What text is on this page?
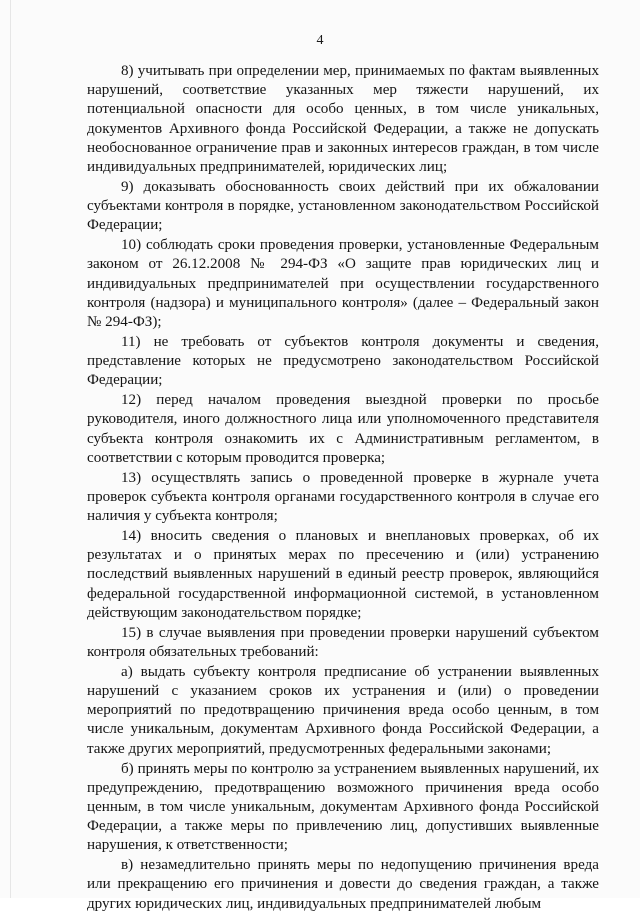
4

8) учитывать при определении мер, принимаемых по фактам выявленных нарушений, соответствие указанных мер тяжести нарушений, их потенциальной опасности для особо ценных, в том числе уникальных, документов Архивного фонда Российской Федерации, а также не допускать необоснованное ограничение прав и законных интересов граждан, в том числе индивидуальных предпринимателей, юридических лиц;

9) доказывать обоснованность своих действий при их обжаловании субъектами контроля в порядке, установленном законодательством Российской Федерации;

10) соблюдать сроки проведения проверки, установленные Федеральным законом от 26.12.2008 № 294-ФЗ «О защите прав юридических лиц и индивидуальных предпринимателей при осуществлении государственного контроля (надзора) и муниципального контроля» (далее – Федеральный закон № 294-ФЗ);

11) не требовать от субъектов контроля документы и сведения, представление которых не предусмотрено законодательством Российской Федерации;

12) перед началом проведения выездной проверки по просьбе руководителя, иного должностного лица или уполномоченного представителя субъекта контроля ознакомить их с Административным регламентом, в соответствии с которым проводится проверка;

13) осуществлять запись о проведенной проверке в журнале учета проверок субъекта контроля органами государственного контроля в случае его наличия у субъекта контроля;

14) вносить сведения о плановых и внеплановых проверках, об их результатах и о принятых мерах по пресечению и (или) устранению последствий выявленных нарушений в единый реестр проверок, являющийся федеральной государственной информационной системой, в установленном действующим законодательством порядке;

15) в случае выявления при проведении проверки нарушений субъектом контроля обязательных требований:

а) выдать субъекту контроля предписание об устранении выявленных нарушений с указанием сроков их устранения и (или) о проведении мероприятий по предотвращению причинения вреда особо ценным, в том числе уникальным, документам Архивного фонда Российской Федерации, а также других мероприятий, предусмотренных федеральными законами;

б) принять меры по контролю за устранением выявленных нарушений, их предупреждению, предотвращению возможного причинения вреда особо ценным, в том числе уникальным, документам Архивного фонда Российской Федерации, а также меры по привлечению лиц, допустивших выявленные нарушения, к ответственности;

в) незамедлительно принять меры по недопущению причинения вреда или прекращению его причинения и довести до сведения граждан, а также других юридических лиц, индивидуальных предпринимателей любым
